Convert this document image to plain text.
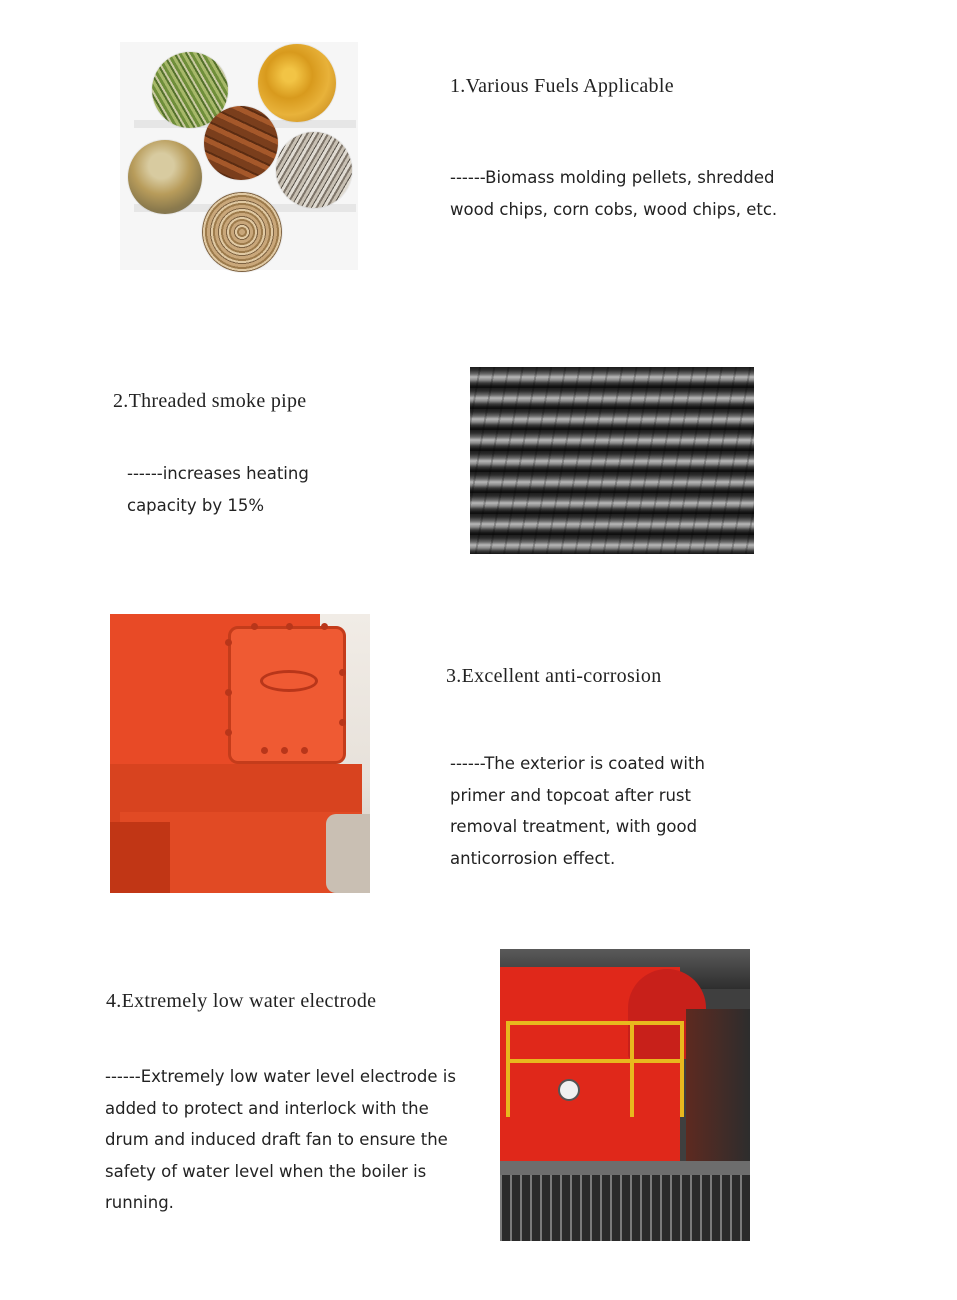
1.Various Fuels Applicable
------Biomass molding pellets, shredded wood chips, corn cobs, wood chips, etc.
2.Threaded smoke pipe
------increases heating capacity by 15%
3.Excellent anti-corrosion
------The exterior is coated with primer and topcoat after rust removal treatment, with good anticorrosion effect.
4.Extremely low water electrode
------Extremely low water level electrode is added to protect and interlock with the drum and induced draft fan to ensure the safety of water level when the boiler is running.
